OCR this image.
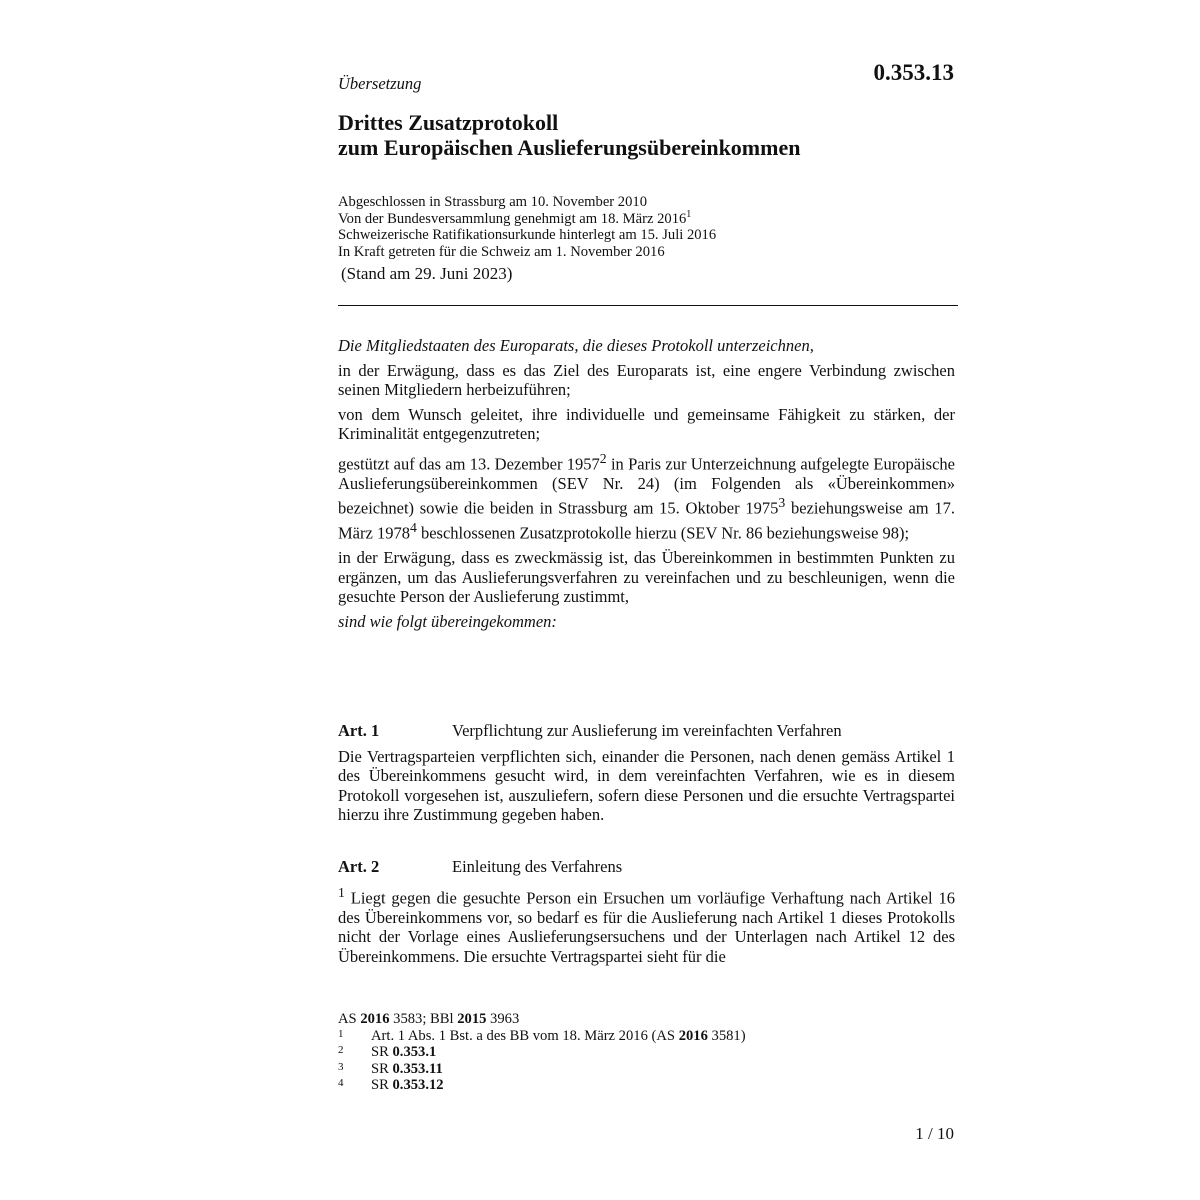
0.353.13
Übersetzung
Drittes Zusatzprotokoll
zum Europäischen Auslieferungsübereinkommen
Abgeschlossen in Strassburg am 10. November 2010
Von der Bundesversammlung genehmigt am 18. März 2016$^1$
Schweizerische Ratifikationsurkunde hinterlegt am 15. Juli 2016
In Kraft getreten für die Schweiz am 1. November 2016
(Stand am 29. Juni 2023)

Die Mitgliedstaaten des Europarats, die dieses Protokoll unterzeichnen,

in der Erwägung, dass es das Ziel des Europarats ist, eine engere Verbindung zwischen seinen Mitgliedern herbeizuführen;

von dem Wunsch geleitet, ihre individuelle und gemeinsame Fähigkeit zu stärken, der Kriminalität entgegenzutreten;

gestützt auf das am 13. Dezember 1957$^2$ in Paris zur Unterzeichnung aufgelegte Europäische Auslieferungsübereinkommen (SEV Nr. 24) (im Folgenden als «Übereinkommen» bezeichnet) sowie die beiden in Strassburg am 15. Oktober 1975$^3$ beziehungsweise am 17. März 1978$^4$ beschlossenen Zusatzprotokolle hierzu (SEV Nr. 86 beziehungsweise 98);

in der Erwägung, dass es zweckmässig ist, das Übereinkommen in bestimmten Punkten zu ergänzen, um das Auslieferungsverfahren zu vereinfachen und zu beschleunigen, wenn die gesuchte Person der Auslieferung zustimmt,

sind wie folgt übereingekommen:

Art. 1	Verpflichtung zur Auslieferung im vereinfachten Verfahren

Die Vertragsparteien verpflichten sich, einander die Personen, nach denen gemäss Artikel 1 des Übereinkommens gesucht wird, in dem vereinfachten Verfahren, wie es in diesem Protokoll vorgesehen ist, auszuliefern, sofern diese Personen und die ersuchte Vertragspartei hierzu ihre Zustimmung gegeben haben.

Art. 2	Einleitung des Verfahrens

$^1$ Liegt gegen die gesuchte Person ein Ersuchen um vorläufige Verhaftung nach Artikel 16 des Übereinkommens vor, so bedarf es für die Auslieferung nach Artikel 1 dieses Protokolls nicht der Vorlage eines Auslieferungsersuchens und der Unterlagen nach Artikel 12 des Übereinkommens. Die ersuchte Vertragspartei sieht für die

AS 2016 3583; BBl 2015 3963
1	Art. 1 Abs. 1 Bst. a des BB vom 18. März 2016 (AS 2016 3581)
2	SR 0.353.1
3	SR 0.353.11
4	SR 0.353.12
1 / 10
